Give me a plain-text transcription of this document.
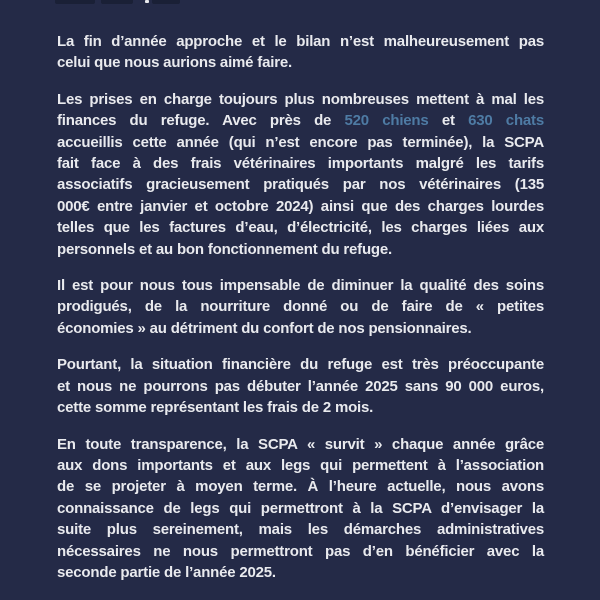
La fin d’année approche et le bilan n’est malheureusement pas
celui que nous aurions aimé faire.
Les prises en charge toujours plus nombreuses mettent à mal les
finances du refuge. Avec près de 520 chiens et 630 chats
accueillis cette année (qui n’est encore pas terminée), la SCPA
fait face à des frais vétérinaires importants malgré les tarifs
associatifs gracieusement pratiqués par nos vétérinaires (135
000€ entre janvier et octobre 2024) ainsi que des charges lourdes
telles que les factures d’eau, d’électricité, les charges liées aux
personnels et au bon fonctionnement du refuge.
Il est pour nous tous impensable de diminuer la qualité des soins
prodigués, de la nourriture donné ou de faire de « petites
économies » au détriment du confort de nos pensionnaires.
Pourtant, la situation financière du refuge est très préoccupante
et nous ne pourrons pas débuter l’année 2025 sans 90 000 euros,
cette somme représentant les frais de 2 mois.
En toute transparence, la SCPA « survit » chaque année grâce
aux dons importants et aux legs qui permettent à l’association
de se projeter à moyen terme. À l’heure actuelle, nous avons
connaissance de legs qui permettront à la SCPA d’envisager la
suite plus sereinement, mais les démarches administratives
nécessaires ne nous permettront pas d’en bénéficier avec la
seconde partie de l’année 2025.
